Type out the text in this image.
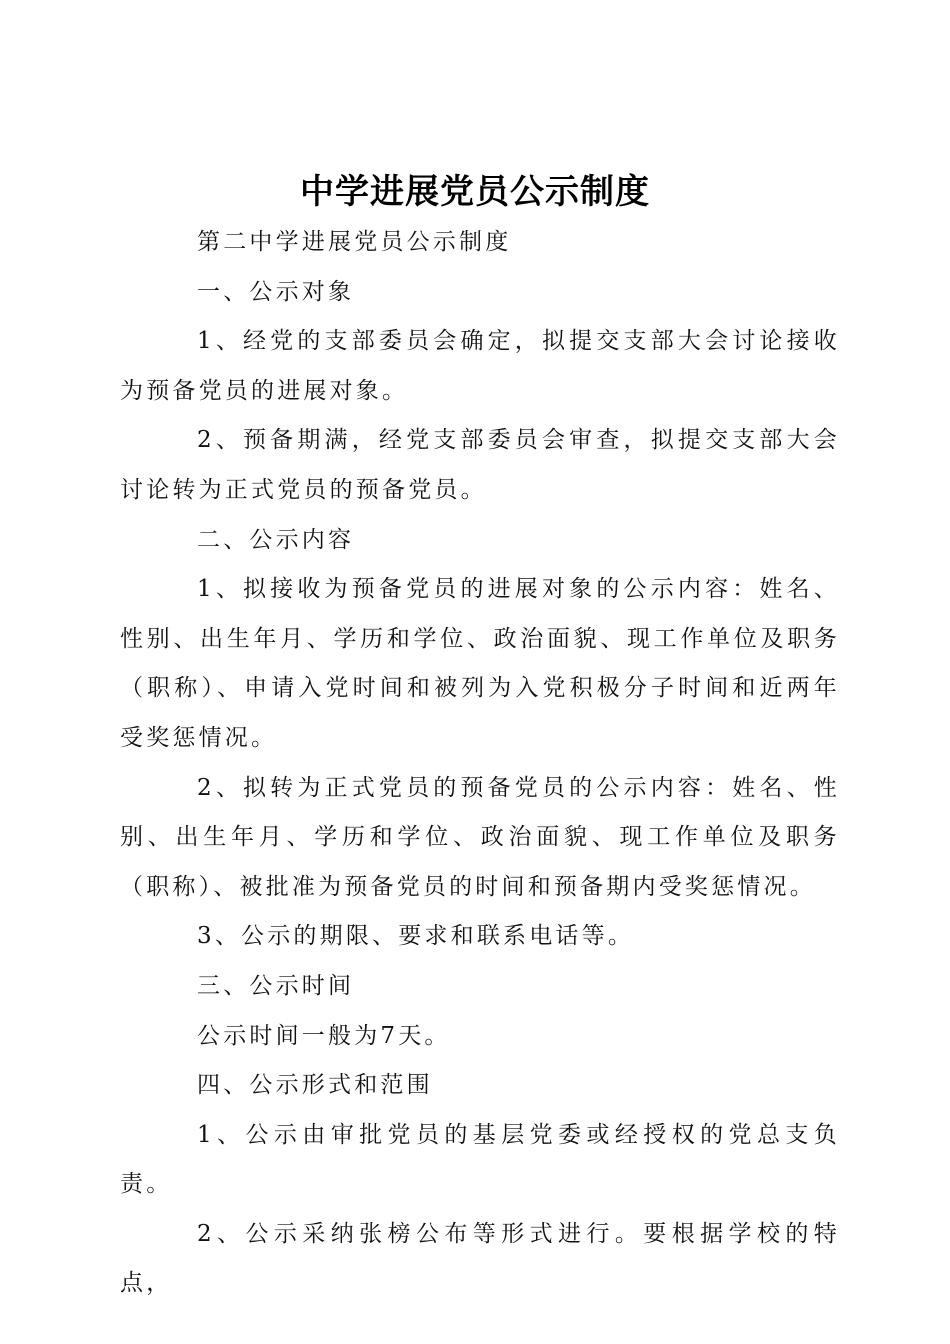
中学进展党员公示制度

第二中学进展党员公示制度

一、公示对象

1、经党的支部委员会确定，拟提交支部大会讨论接收为预备党员的进展对象。

2、预备期满，经党支部委员会审查，拟提交支部大会讨论转为正式党员的预备党员。

二、公示内容

1、拟接收为预备党员的进展对象的公示内容：姓名、性别、出生年月、学历和学位、政治面貌、现工作单位及职务（职称）、申请入党时间和被列为入党积极分子时间和近两年受奖惩情况。

2、拟转为正式党员的预备党员的公示内容：姓名、性别、出生年月、学历和学位、政治面貌、现工作单位及职务（职称）、被批准为预备党员的时间和预备期内受奖惩情况。

3、公示的期限、要求和联系电话等。

三、公示时间

公示时间一般为7天。

四、公示形式和范围

1、公示由审批党员的基层党委或经授权的党总支负责。

2、公示采纳张榜公布等形式进行。要根据学校的特点，
